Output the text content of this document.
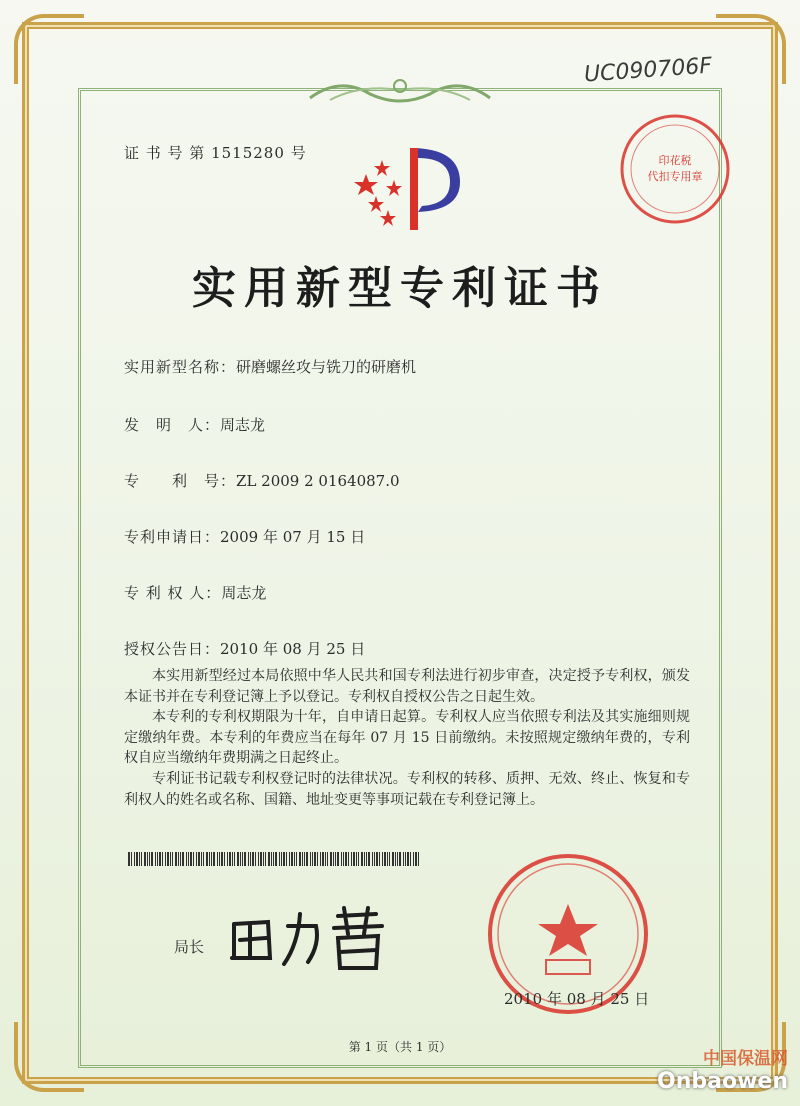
UC090706F
证 书 号 第 1515280 号	印花税
代扣专用章
实用新型专利证书
实用新型名称：研磨螺丝攻与铣刀的研磨机
发　明　人：周志龙
专　　利　号：ZL 2009 2 0164087.0
专利申请日：2009 年 07 月 15 日
专 利 权 人：周志龙
授权公告日：2010 年 08 月 25 日

本实用新型经过本局依照中华人民共和国专利法进行初步审查，决定授予专利权，颁发本证书并在专利登记簿上予以登记。专利权自授权公告之日起生效。

本专利的专利权期限为十年，自申请日起算。专利权人应当依照专利法及其实施细则规定缴纳年费。本专利的年费应当在每年 07 月 15 日前缴纳。未按照规定缴纳年费的，专利权自应当缴纳年费期满之日起终止。

专利证书记载专利权登记时的法律状况。专利权的转移、质押、无效、终止、恢复和专利权人的姓名或名称、国籍、地址变更等事项记载在专利登记簿上。

局长
2010 年 08 月 25 日
第 1 页（共 1 页）
中国保温网
Onbaowen
